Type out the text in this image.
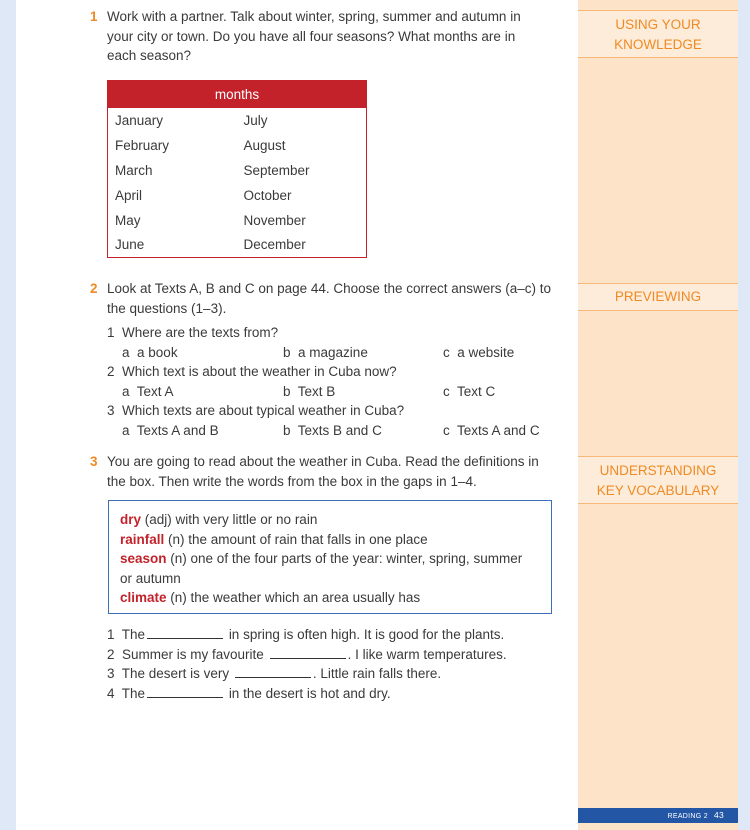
USING YOUR
KNOWLEDGE
PREVIEWING
UNDERSTANDING
KEY VOCABULARY
READING 2 43
1 Work with a partner. Talk about winter, spring, summer and autumn in
your city or town. Do you have all four seasons? What months are in
each season?
months	
January	July
February	August
March	September
April	October
May	November
June	December
2 Look at Texts A, B and C on page 44. Choose the correct answers (a–c) to
the questions (1–3).
1 Where are the texts from?
a a book	b a magazine	c a website
2 Which text is about the weather in Cuba now?
a Text A	b Text B	c Text C
3 Which texts are about typical weather in Cuba?
a Texts A and B	b Texts B and C	c Texts A and C
3 You are going to read about the weather in Cuba. Read the definitions in
the box. Then write the words from the box in the gaps in 1–4.
dry (adj) with very little or no rain
rainfall (n) the amount of rain that falls in one place
season (n) one of the four parts of the year: winter, spring, summer
or autumn
climate (n) the weather which an area usually has
1 The	in spring is often high. It is good for the plants.
2 Summer is my favourite	. I like warm temperatures.
3 The desert is very	. Little rain falls there.
4 The	in the desert is hot and dry.
